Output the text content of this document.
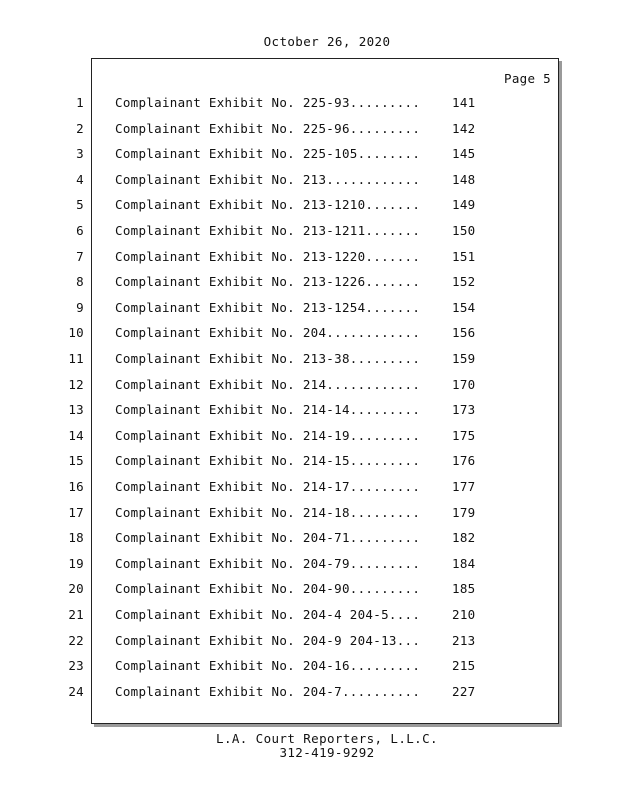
October 26, 2020
Page 5
1 Complainant Exhibit No. 225-93.........	141
2 Complainant Exhibit No. 225-96.........	142
3 Complainant Exhibit No. 225-105........	145
4 Complainant Exhibit No. 213............	148
5 Complainant Exhibit No. 213-1210.......	149
6 Complainant Exhibit No. 213-1211.......	150
7 Complainant Exhibit No. 213-1220.......	151
8 Complainant Exhibit No. 213-1226.......	152
9 Complainant Exhibit No. 213-1254.......	154
10 Complainant Exhibit No. 204............	156
11 Complainant Exhibit No. 213-38.........	159
12 Complainant Exhibit No. 214............	170
13 Complainant Exhibit No. 214-14.........	173
14 Complainant Exhibit No. 214-19.........	175
15 Complainant Exhibit No. 214-15.........	176
16 Complainant Exhibit No. 214-17.........	177
17 Complainant Exhibit No. 214-18.........	179
18 Complainant Exhibit No. 204-71.........	182
19 Complainant Exhibit No. 204-79.........	184
20 Complainant Exhibit No. 204-90.........	185
21 Complainant Exhibit No. 204-4 204-5....	210
22 Complainant Exhibit No. 204-9 204-13...	213
23 Complainant Exhibit No. 204-16.........	215
24 Complainant Exhibit No. 204-7..........	227
L.A. Court Reporters, L.L.C.
312-419-9292
